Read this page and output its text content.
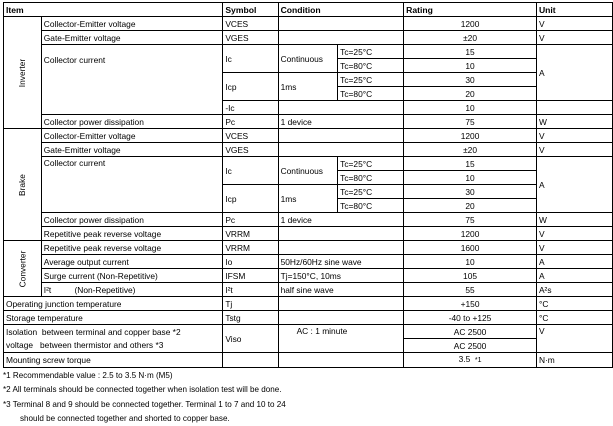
Item		Symbol	Condition		Rating	Unit
Inverter	Collector-Emitter voltage	VCES			1200	V
	Gate-Emitter voltage	VGES			±20	V
	Collector current	Ic	Continuous	Tc=25°C	15	A
				Tc=80°C	10	
		Icp	1ms	Tc=25°C	30	
				Tc=80°C	20	
		-Ic			10	
	Collector power dissipation	Pc	1 device		75	W
Brake	Collector-Emitter voltage	VCES			1200	V
	Gate-Emitter voltage	VGES			±20	V
	Collector current	Ic	Continuous	Tc=25°C	15	A
				Tc=80°C	10	
		Icp	1ms	Tc=25°C	30	
				Tc=80°C	20	
	Collector power dissipation	Pc	1 device		75	W
	Repetitive peak reverse voltage	VRRM			1200	V
Converter	Repetitive peak reverse voltage	VRRM			1600	V
	Average output current	Io	50Hz/60Hz sine wave		10	A
	Surge current (Non-Repetitive)	IFSM	Tj=150°C, 10ms		105	A
	I²t          (Non-Repetitive)	I²t	half sine wave		55	A²s
Operating junction temperature		Tj			+150	°C
Storage temperature		Tstg			-40 to +125	°C
Isolation between terminal and copper base *2		Viso	AC : 1 minute		AC 2500	V
voltage between thermistor and others *3					AC 2500	
Mounting screw torque					3.5 *1	N·m
*1 Recommendable value : 2.5 to 3.5 N·m (M5)
*2 All terminals should be connected together when isolation test will be done.
*3 Terminal 8 and 9 should be connected together. Terminal 1 to 7 and 10 to 24
should be connected together and shorted to copper base.
